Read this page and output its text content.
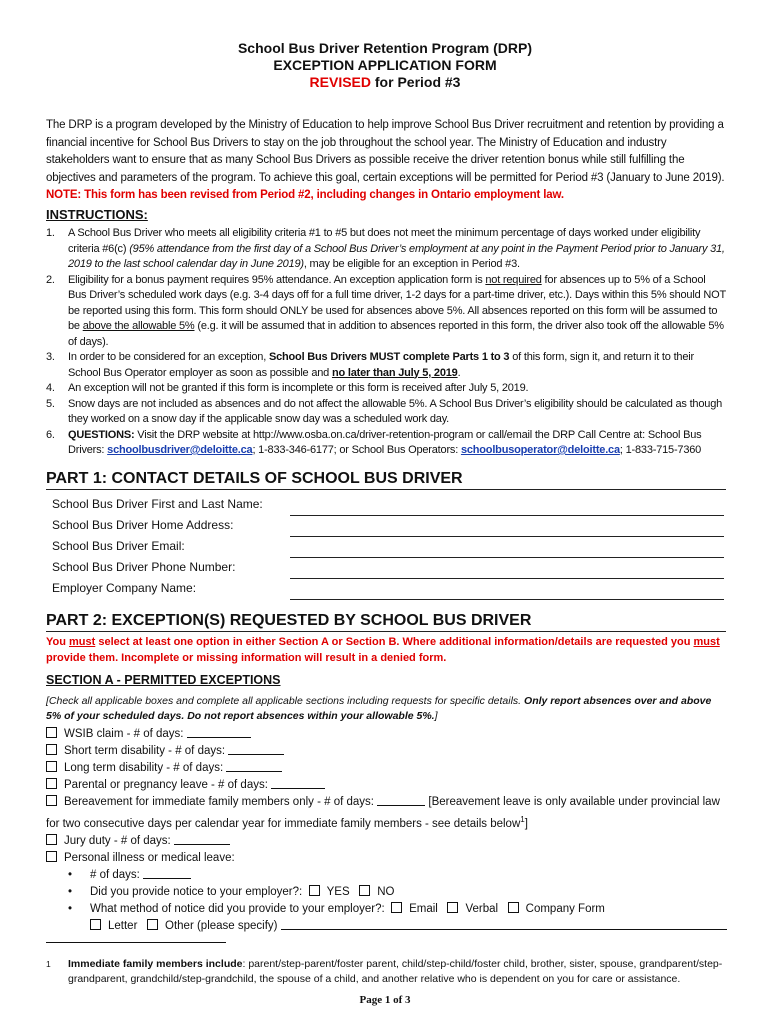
School Bus Driver Retention Program (DRP)
EXCEPTION APPLICATION FORM
REVISED for Period #3
The DRP is a program developed by the Ministry of Education to help improve School Bus Driver recruitment and retention by providing a financial incentive for School Bus Drivers to stay on the job throughout the school year. The Ministry of Education and industry stakeholders want to ensure that as many School Bus Drivers as possible receive the driver retention bonus while still fulfilling the objectives and parameters of the program. To achieve this goal, certain exceptions will be permitted for Period #3 (January to June 2019). NOTE: This form has been revised from Period #2, including changes in Ontario employment law.
INSTRUCTIONS:
1.	A School Bus Driver who meets all eligibility criteria #1 to #5 but does not meet the minimum percentage of days worked under eligibility criteria #6(c) (95% attendance from the first day of a School Bus Driver’s employment at any point in the Payment Period prior to January 31, 2019 to the last school calendar day in June 2019), may be eligible for an exception in Period #3.
2.	Eligibility for a bonus payment requires 95% attendance. An exception application form is not required for absences up to 5% of a School Bus Driver’s scheduled work days (e.g. 3-4 days off for a full time driver, 1-2 days for a part-time driver, etc.). Days within this 5% should NOT be reported using this form. This form should ONLY be used for absences above 5%. All absences reported on this form will be assumed to be above the allowable 5% (e.g. it will be assumed that in addition to absences reported in this form, the driver also took off the allowable 5% of days).
3.	In order to be considered for an exception, School Bus Drivers MUST complete Parts 1 to 3 of this form, sign it, and return it to their School Bus Operator employer as soon as possible and no later than July 5, 2019.
4.	An exception will not be granted if this form is incomplete or this form is received after July 5, 2019.
5.	Snow days are not included as absences and do not affect the allowable 5%. A School Bus Driver’s eligibility should be calculated as though they worked on a snow day if the applicable snow day was a scheduled work day.
6.	QUESTIONS: Visit the DRP website at http://www.osba.on.ca/driver-retention-program or call/email the DRP Call Centre at: School Bus Drivers: schoolbusdriver@deloitte.ca; 1-833-346-6177; or School Bus Operators: schoolbusoperator@deloitte.ca; 1-833-715-7360
PART 1: CONTACT DETAILS OF SCHOOL BUS DRIVER
School Bus Driver First and Last Name:
School Bus Driver Home Address:
School Bus Driver Email:
School Bus Driver Phone Number:
Employer Company Name:
PART 2: EXCEPTION(S) REQUESTED BY SCHOOL BUS DRIVER
You must select at least one option in either Section A or Section B. Where additional information/details are requested you must provide them. Incomplete or missing information will result in a denied form.
SECTION A - PERMITTED EXCEPTIONS
[Check all applicable boxes and complete all applicable sections including requests for specific details. Only report absences over and above 5% of your scheduled days. Do not report absences within your allowable 5%.]
WSIB claim - # of days:
Short term disability - # of days:
Long term disability - # of days:
Parental or pregnancy leave - # of days:
Bereavement for immediate family members only - # of days:	[Bereavement leave is only available under provincial law for two consecutive days per calendar year for immediate family members - see details below$^1$]
Jury duty - # of days:
Personal illness or medical leave:
• # of days:
• Did you provide notice to your employer?: YES NO
• What method of notice did you provide to your employer?: Email Verbal Company Form
Letter Other (please specify)
1	Immediate family members include: parent/step-parent/foster parent, child/step-child/foster child, brother, sister, spouse, grandparent/step-grandparent, grandchild/step-grandchild, the spouse of a child, and another relative who is dependent on you for care or assistance.
Page 1 of 3
